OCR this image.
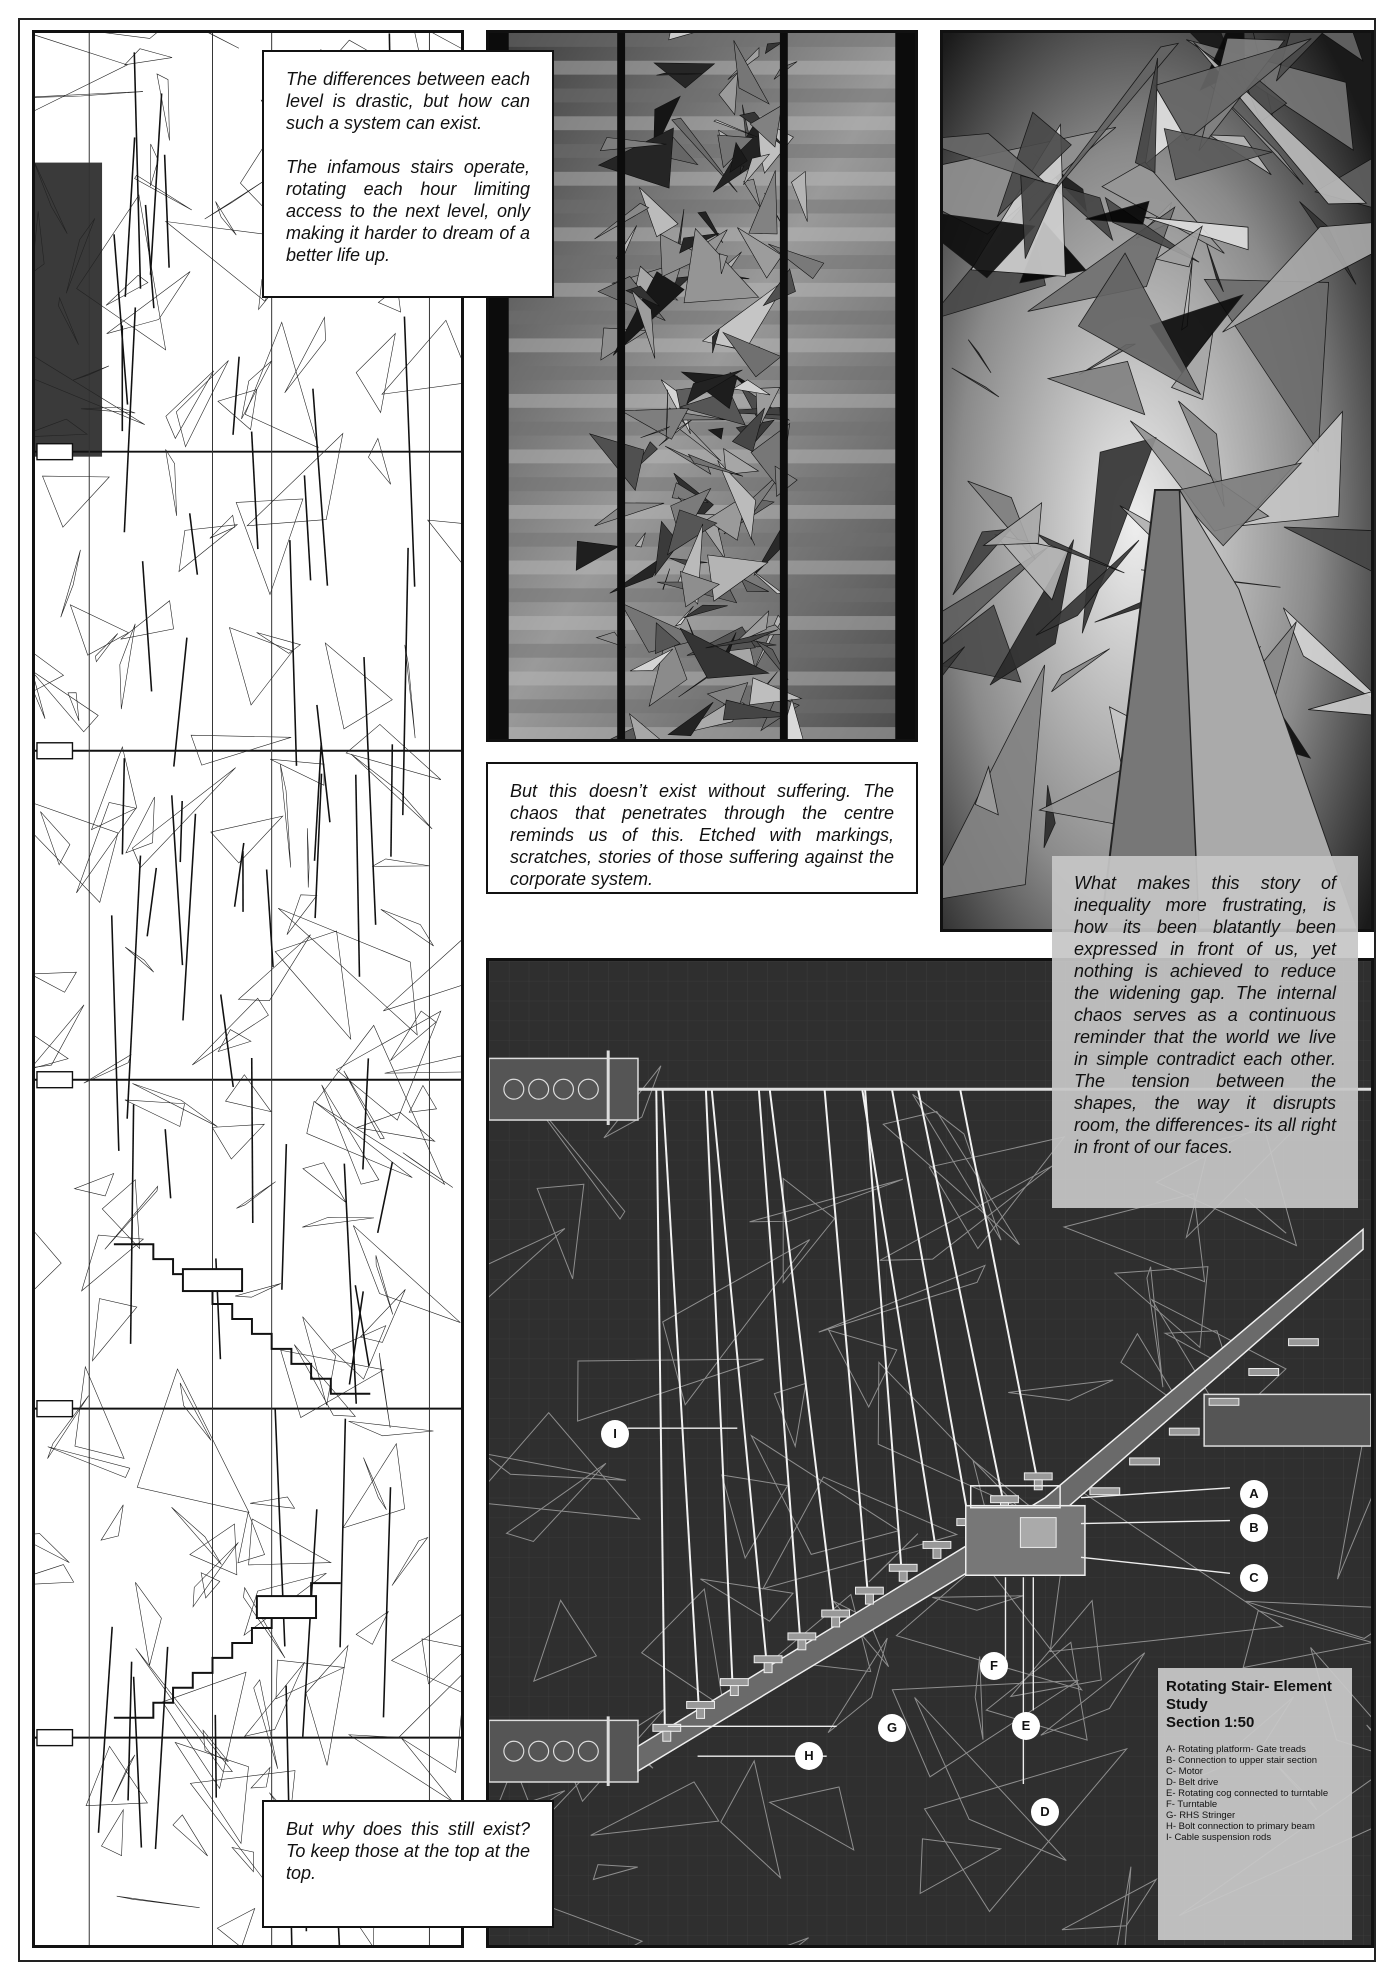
The differences between each level is drastic, but how can such a system can exist.

The infamous stairs operate, rotating each hour limiting access to the next level, only making it harder to dream of a better life up.

But this doesn’t exist without suffering. The chaos that penetrates through the centre reminds us of this. Etched with markings, scratches, stories of those suffering against the corporate system.	What makes this story of inequality more frustrating, is how its been blatantly been expressed in front of us, yet nothing is achieved to reduce the widening gap. The internal chaos serves as a continuous reminder that the world we live in simple contradict each other. The tension between the shapes, the way it disrupts room, the differences- its all right in front of our faces.

But why does this still exist? To keep those at the top at the top.

A
B
C
D
E
F
G
H
I
Rotating Stair- Element Study
Section 1:50
A- Rotating platform- Gate treads
B- Connection to upper stair section
C- Motor
D- Belt drive
E- Rotating cog connected to turntable
F- Turntable
G- RHS Stringer
H- Bolt connection to primary beam
I- Cable suspension rods
